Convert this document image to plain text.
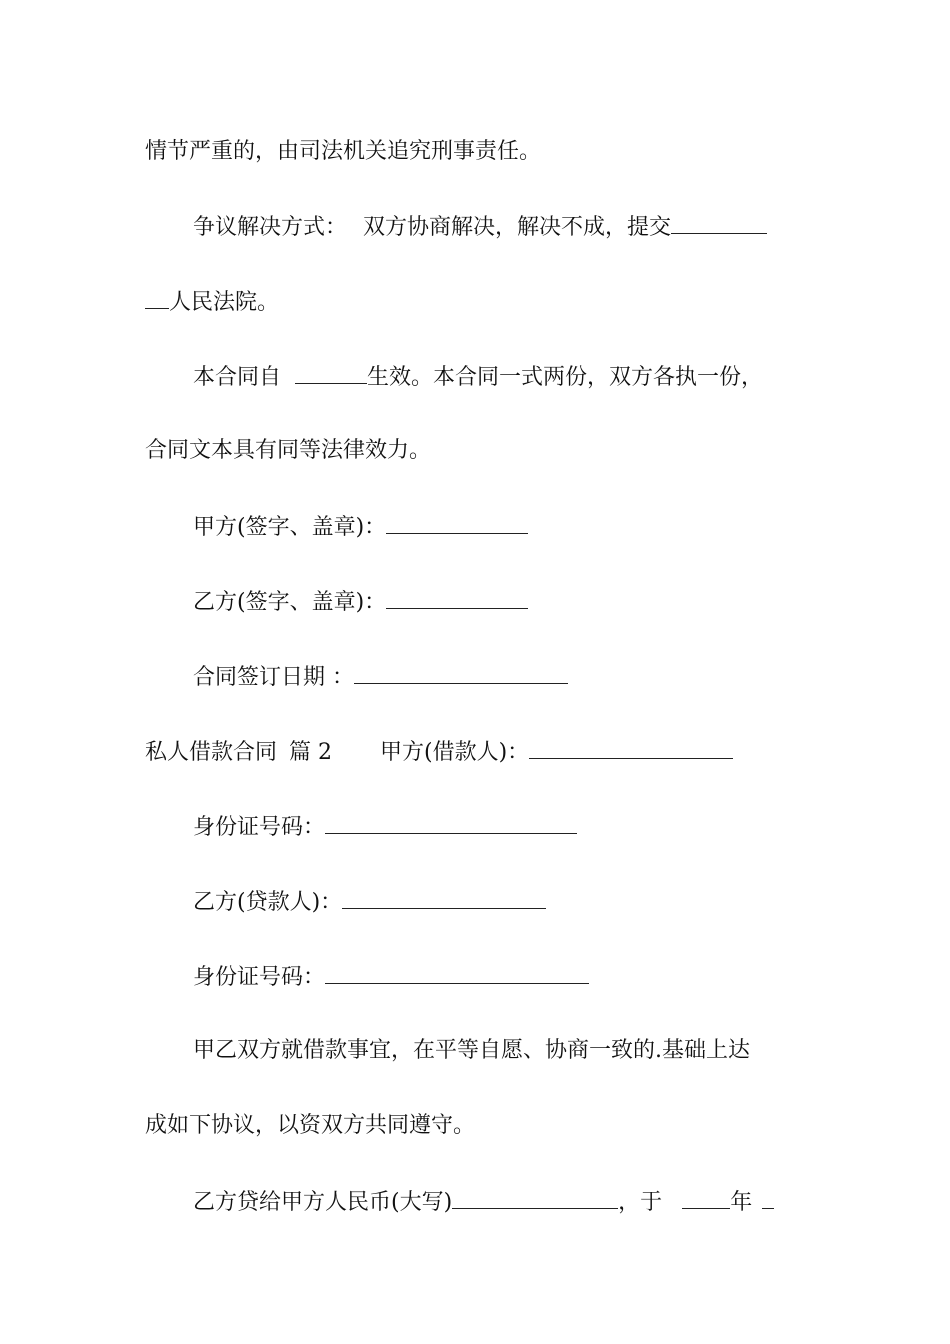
情节严重的，由司法机关追究刑事责任。
争议解决方式： 双方协商解决，解决不成，提交
人民法院。
本合同自	生效。本合同一式两份，双方各执一份，
合同文本具有同等法律效力。
甲方(签字、盖章)：
乙方(签字、盖章)：
合同签订日期 ：
私人借款合同 篇 2 甲方(借款人)：
身份证号码：
乙方(贷款人)：
身份证号码：
甲乙双方就借款事宜，在平等自愿、协商一致的.基础上达
成如下协议，以资双方共同遵守。
乙方贷给甲方人民币(大写)	，于	年
